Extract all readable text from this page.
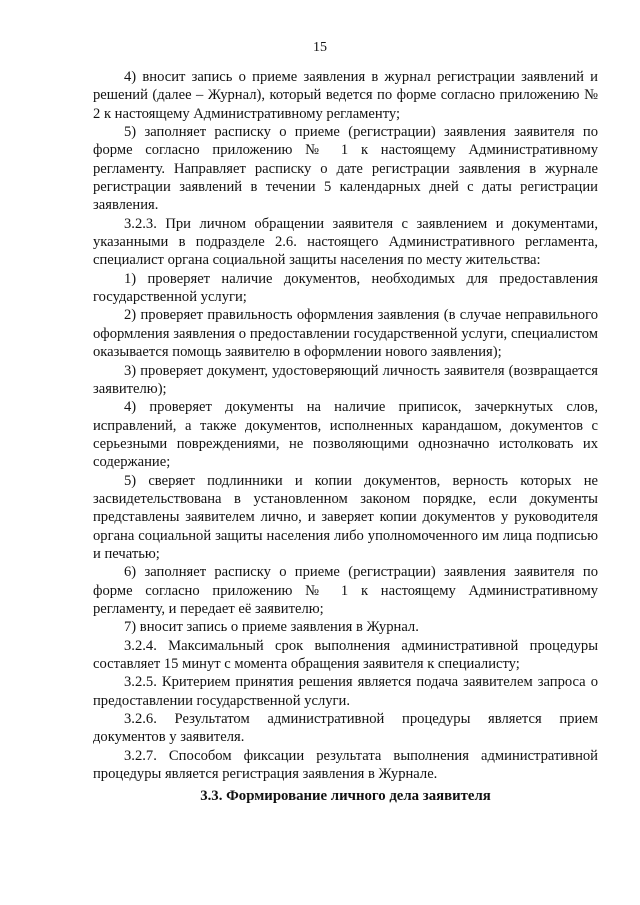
15

4) вносит запись о приеме заявления в журнал регистрации заявлений и решений (далее – Журнал), который ведется по форме согласно приложению № 2 к настоящему Административному регламенту;

5) заполняет расписку о приеме (регистрации) заявления заявителя по форме согласно приложению № 1 к настоящему Административному регламенту. Направляет расписку о дате регистрации заявления в журнале регистрации заявлений в течении 5 календарных дней с даты регистрации заявления.

3.2.3. При личном обращении заявителя с заявлением и документами, указанными в подразделе 2.6. настоящего Административного регламента, специалист органа социальной защиты населения по месту жительства:

1) проверяет наличие документов, необходимых для предоставления государственной услуги;

2) проверяет правильность оформления заявления (в случае неправильного оформления заявления о предоставлении государственной услуги, специалистом оказывается помощь заявителю в оформлении нового заявления);

3) проверяет документ, удостоверяющий личность заявителя (возвращается заявителю);

4) проверяет документы на наличие приписок, зачеркнутых слов, исправлений, а также документов, исполненных карандашом, документов с серьезными повреждениями, не позволяющими однозначно истолковать их содержание;

5) сверяет подлинники и копии документов, верность которых не засвидетельствована в установленном законом порядке, если документы представлены заявителем лично, и заверяет копии документов у руководителя органа социальной защиты населения либо уполномоченного им лица подписью и печатью;

6) заполняет расписку о приеме (регистрации) заявления заявителя по форме согласно приложению № 1 к настоящему Административному регламенту, и передает её заявителю;

7) вносит запись о приеме заявления в Журнал.

3.2.4. Максимальный срок выполнения административной процедуры составляет 15 минут с момента обращения заявителя к специалисту;

3.2.5. Критерием принятия решения является подача заявителем запроса о предоставлении государственной услуги.

3.2.6. Результатом административной процедуры является прием документов у заявителя.

3.2.7. Способом фиксации результата выполнения административной процедуры является регистрация заявления в Журнале.

3.3. Формирование личного дела заявителя
